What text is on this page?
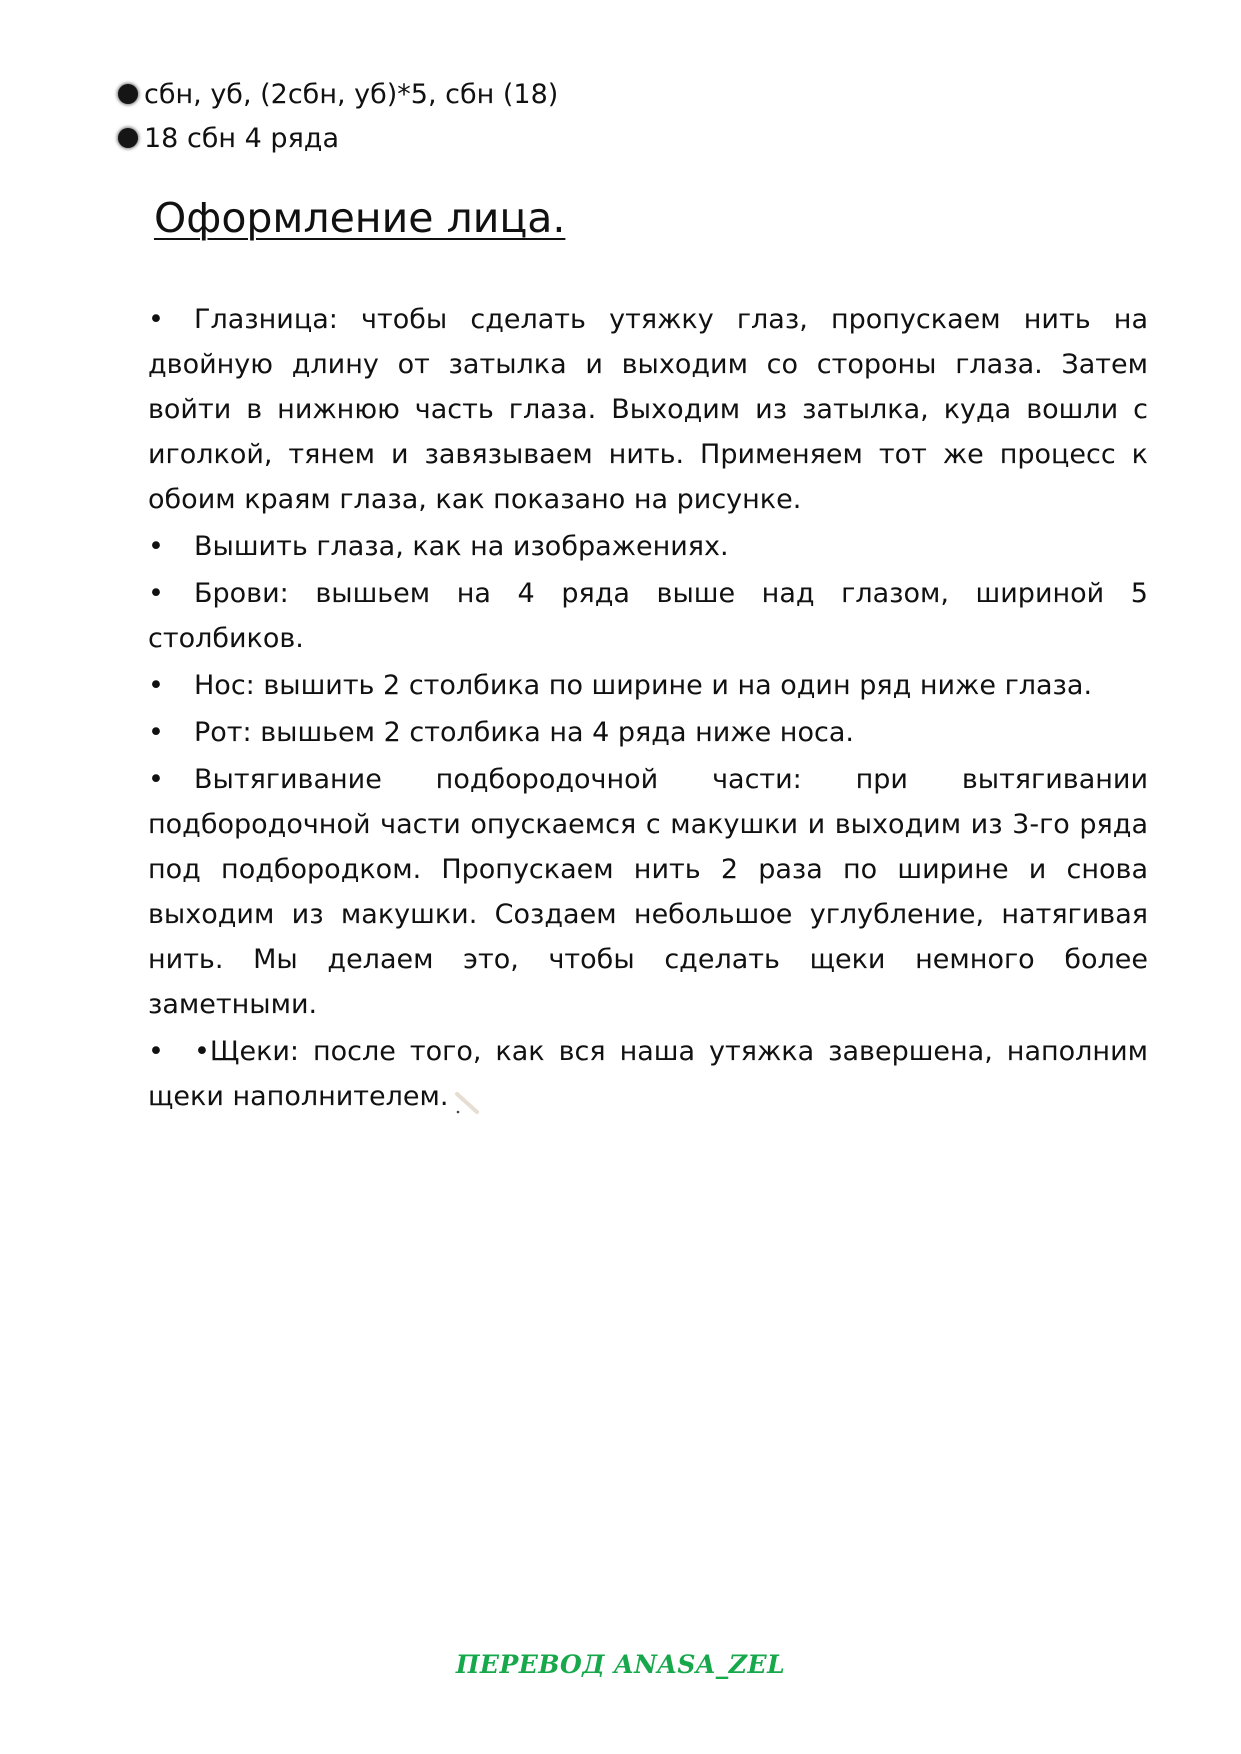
сбн, уб, (2сбн, уб)*5, сбн (18)
18 сбн 4 ряда
Оформление лица.
• Глазница: чтобы сделать утяжку глаз, пропускаем нить на двойную длину от затылка и выходим со стороны глаза. Затем войти в нижнюю часть глаза. Выходим из затылка, куда вошли с иголкой, тянем и завязываем нить. Применяем тот же процесс к обоим краям глаза, как показано на рисунке.
• Вышить глаза, как на изображениях.
• Брови: вышьем на 4 ряда выше над глазом, шириной 5 столбиков.
• Нос: вышить 2 столбика по ширине и на один ряд ниже глаза.
• Рот: вышьем 2 столбика на 4 ряда ниже носа.
• Вытягивание подбородочной части: при вытягивании подбородочной части опускаемся с макушки и выходим из 3-го ряда под подбородком. Пропускаем нить 2 раза по ширине и снова выходим из макушки. Создаем небольшое углубление, натягивая нить. Мы делаем это, чтобы сделать щеки немного более заметными.
• •Щеки: после того, как вся наша утяжка завершена, наполним щеки наполнителем.
ПЕРЕВОД ANASA_ZEL
